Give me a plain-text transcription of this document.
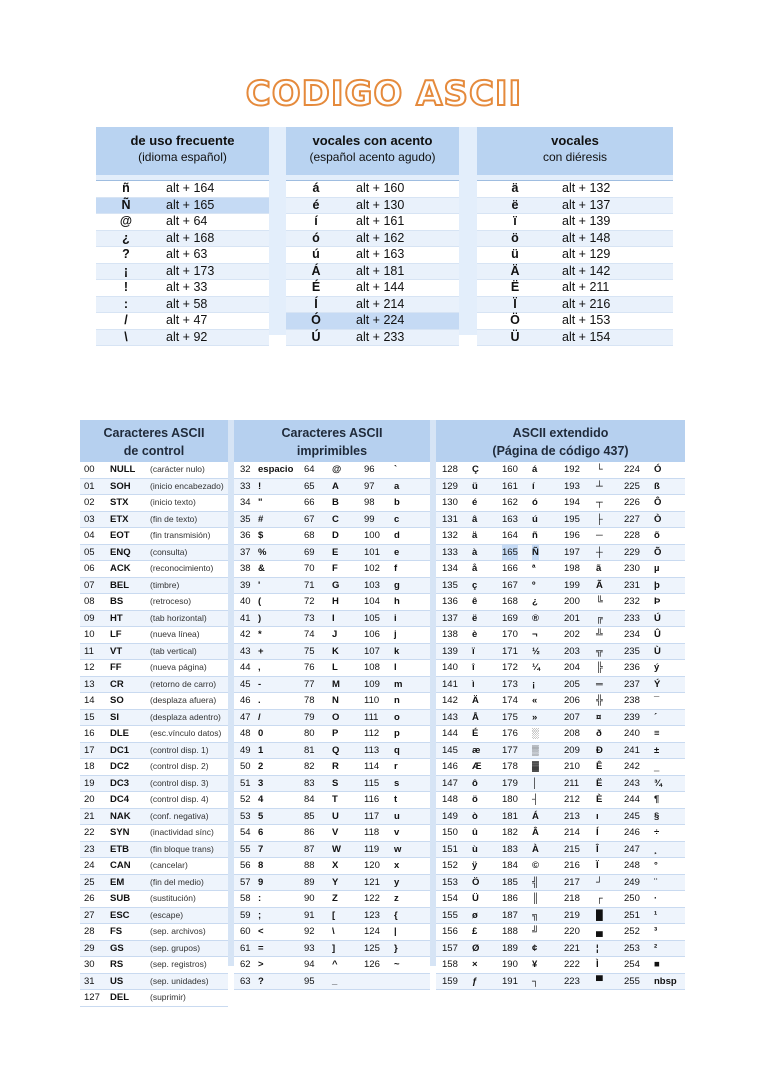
CODIGO ASCII
de uso frecuente
(idioma español)
ñ	alt + 164
Ñ	alt + 165
@	alt + 64
¿	alt + 168
?	alt + 63
¡	alt + 173
!	alt + 33
:	alt + 58
/	alt + 47
\	alt + 92
vocales con acento
(español acento agudo)
á	alt + 160
é	alt + 130
í	alt + 161
ó	alt + 162
ú	alt + 163
Á	alt + 181
É	alt + 144
Í	alt + 214
Ó	alt + 224
Ú	alt + 233
vocales
con diéresis
ä	alt + 132
ë	alt + 137
ï	alt + 139
ö	alt + 148
ü	alt + 129
Ä	alt + 142
Ë	alt + 211
Ï	alt + 216
Ö	alt + 153
Ü	alt + 154
Caracteres ASCII
de control
00 NULL (carácter nulo)
01 SOH (inicio encabezado)
02 STX	(inicio texto)
03 ETX	(fin de texto)
04 EOT (fin transmisión)
05 ENQ (consulta)
06 ACK (reconocimiento)
07 BEL (timbre)
08 BS	(retroceso)
09 HT	(tab horizontal)
10 LF	(nueva línea)
11 VT	(tab vertical)
12 FF	(nueva página)
13 CR	(retorno de carro)
14 SO	(desplaza afuera)
15 SI	(desplaza adentro)
16 DLE (esc.vínculo datos)
17 DC1 (control disp. 1)
18 DC2 (control disp. 2)
19 DC3 (control disp. 3)
20 DC4 (control disp. 4)
21 NAK (conf. negativa)
22 SYN (inactividad sínc)
23 ETB (fin bloque trans)
24 CAN (cancelar)
25 EM	(fin del medio)
26 SUB (sustitución)
27 ESC (escape)
28 FS	(sep. archivos)
29 GS	(sep. grupos)
30 RS	(sep. registros)
31 US	(sep. unidades)
127 DEL (suprimir)
Caracteres ASCII
imprimibles
32 espacio 64 @ 96 `
33 !	65 A	97 a
34 "	66 B	98 b
35 #	67 C	99 c
36 $	68 D	100 d
37 %	69 E	101 e
38 &	70 F	102 f
39 '	71 G	103 g
40 (	72 H	104 h
41 )	73 I	105 i
42 *	74 J	106 j
43 +	75 K	107 k
44 ,	76 L	108 l
45 -	77 M	109 m
46 .	78 N	110 n
47 /	79 O	111 o
48 0	80 P	112 p
49 1	81 Q	113 q
50 2	82 R	114 r
51 3	83 S	115 s
52 4	84 T	116 t
53 5	85 U	117 u
54 6	86 V	118 v
55 7	87 W 119 w
56 8	88 X	120 x
57 9	89 Y	121 y
58 :	90 Z	122 z
59 ;	91 [	123 {
60 <	92 \	124 |
61 =	93 ]	125 }
62 >	94 ^	126 ~
63 ?	95 _
ASCII extendido
(Página de código 437)
128 Ç 160 á	192 └ 224 Ó
129 ü	161 í	193 ┴ 225 ß
130 é	162 ó	194 ┬ 226 Ô
131 â	163 ú	195 ├ 227 Ò
132 ä	164 ñ	196 ─ 228 õ
133 à	165 Ñ	197 ┼ 229 Õ
134 å	166 ª	198 ã 230 µ
135 ç	167 º	199 Ã 231 þ
136 ê	168 ¿	200 ╚ 232 Þ
137 ë	169 ®	201 ╔ 233 Ú
138 è	170 ¬	202 ╩ 234 Û
139 ï	171 ½	203 ╦ 235 Ù
140 î	172 ¼	204 ╠ 236 ý
141 ì	173 ¡	205 ═ 237 Ý
142 Ä 174 «	206 ╬ 238 ¯
143 Å 175 »	207 ¤ 239 ´
144 É 176 ░	208 ð 240 ≡
145 æ 177 ▒	209 Ð 241 ±
146 Æ 178 ▓	210 Ê 242 ‗
147 ô	179 │	211 Ë 243 ¾
148 ö	180 ┤	212 È 244 ¶
149 ò	181 Á	213 ı	245 §
150 û	182 Â	214 Í	246 ÷
151 ù	183 À	215 Î	247 ¸
152 ÿ	184 ©	216 Ï	248 °
153 Ö 185 ╣	217 ┘ 249 ¨
154 Ü 186 ║	218 ┌ 250 ·
155 ø	187 ╗	219 █ 251 ¹
156 £	188 ╝	220 ▄ 252 ³
157 Ø 189 ¢	221 ¦	253 ²
158 ×	190 ¥	222 Ì	254 ■
159 ƒ	191 ┐	223 ▀ 255 nbsp
